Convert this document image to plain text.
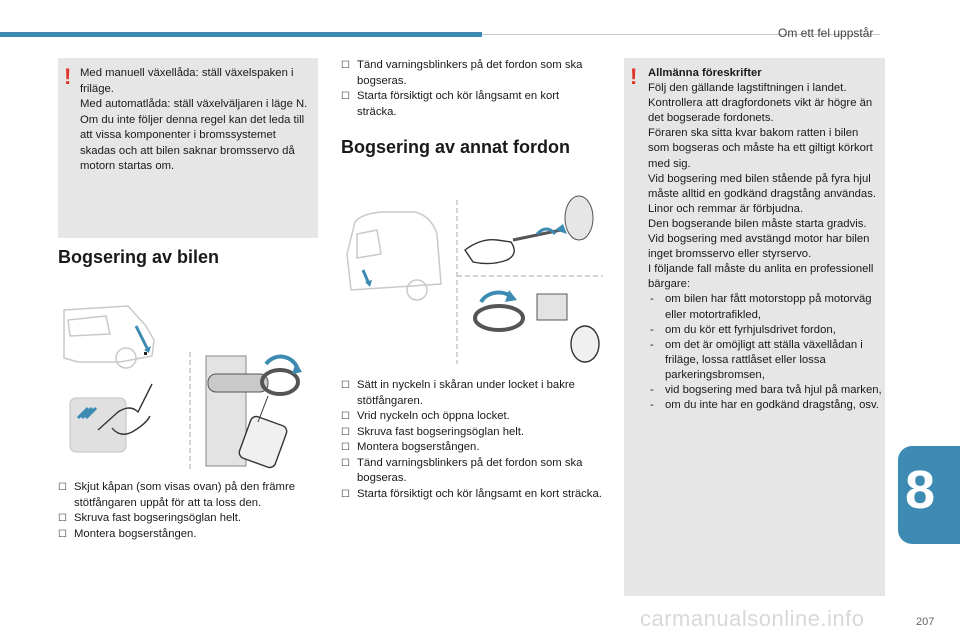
Om ett fel uppstår
8
! Med manuell växellåda: ställ växelspaken i friläge.

Med automatlåda: ställ växelväljaren i läge N.

Om du inte följer denna regel kan det leda till att vissa komponenter i bromssystemet skadas och att bilen saknar bromsservo då motorn startas om.

Bogsering av bilen
☐ Skjut kåpan (som visas ovan) på den främre stötfångaren uppåt för att ta loss den.
☐ Skruva fast bogseringsöglan helt.
☐ Montera bogserstången.
☐ Tänd varningsblinkers på det fordon som ska bogseras.
☐ Starta försiktigt och kör långsamt en kort sträcka.
Bogsering av annat fordon
☐ Sätt in nyckeln i skåran under locket i bakre stötfångaren.
☐ Vrid nyckeln och öppna locket.
☐ Skruva fast bogseringsöglan helt.
☐ Montera bogserstången.
☐ Tänd varningsblinkers på det fordon som ska bogseras.
☐ Starta försiktigt och kör långsamt en kort sträcka.
! Allmänna föreskrifter

Följ den gällande lagstiftningen i landet.

Kontrollera att dragfordonets vikt är högre än det bogserade fordonets.

Föraren ska sitta kvar bakom ratten i bilen som bogseras och måste ha ett giltigt körkort med sig.

Vid bogsering med bilen stående på fyra hjul måste alltid en godkänd dragstång användas. Linor och remmar är förbjudna.

Den bogserande bilen måste starta gradvis.

Vid bogsering med avstängd motor har bilen inget bromsservo eller styrservo.

I följande fall måste du anlita en professionell bärgare:

- om bilen har fått motorstopp på motorväg eller motortrafikled,
- om du kör ett fyrhjulsdrivet fordon,
- om det är omöjligt att ställa växellådan i friläge, lossa rattlåset eller lossa parkeringsbromsen,
- vid bogsering med bara två hjul på marken,
- om du inte har en godkänd dragstång, osv.
carmanualsonline.info	207
